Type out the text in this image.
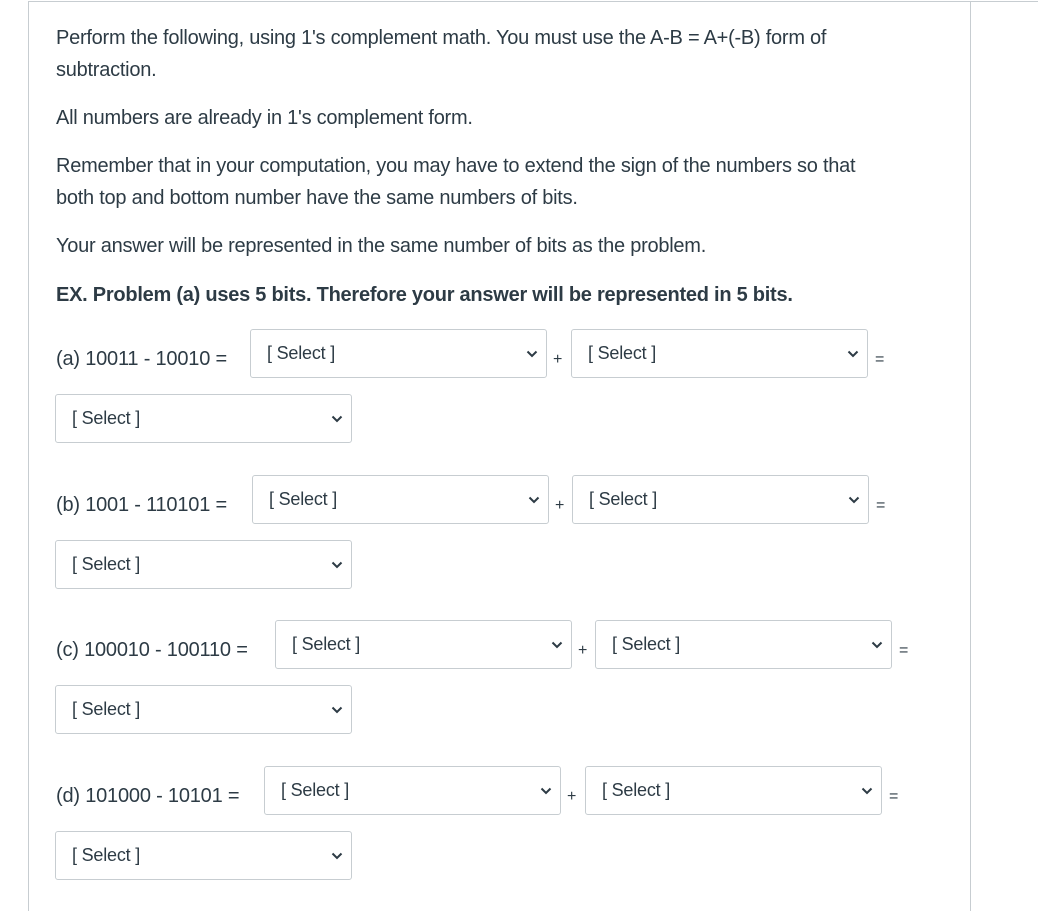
Perform the following, using 1's complement math. You must use the A-B = A+(-B) form of

subtraction.

All numbers are already in 1's complement form.

Remember that in your computation, you may have to extend the sign of the numbers so that

both top and bottom number have the same numbers of bits.

Your answer will be represented in the same number of bits as the problem.

EX. Problem (a) uses 5 bits. Therefore your answer will be represented in 5 bits.

(a) 10011 - 10010 = [ Select ]	+ [ Select ]	=
[ Select ]
(b) 1001 - 110101 = [ Select ]	+ [ Select ]	=
[ Select ]
(c) 100010 - 100110 = [ Select ]	+ [ Select ]	=
[ Select ]
(d) 101000 - 10101 = [ Select ]	+ [ Select ]	=
[ Select ]
